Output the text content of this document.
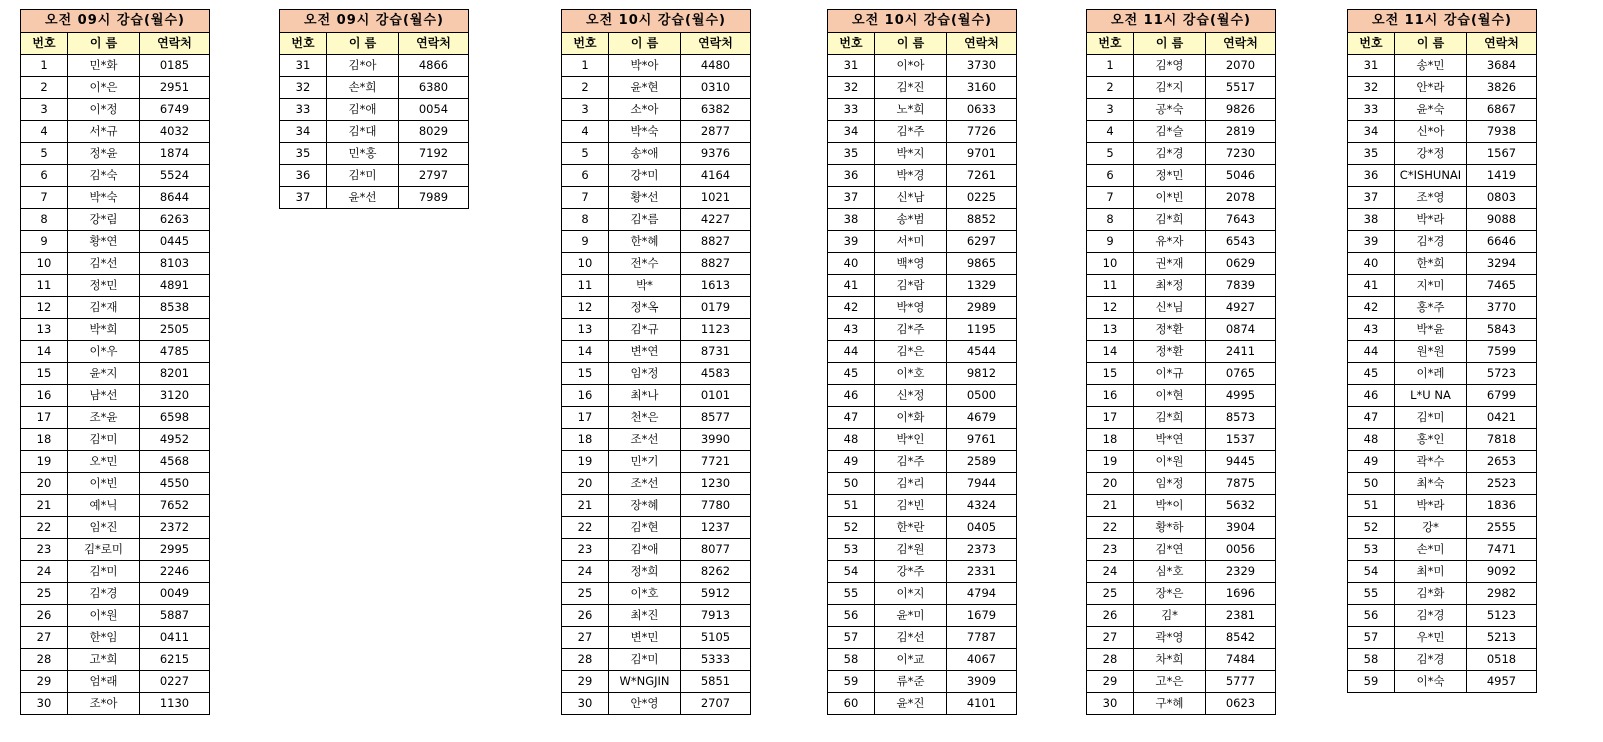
오전 09시 강습(월수)
번호	이 름	연락처
1	민*화	0185
2	이*은	2951
3	이*정	6749
4	서*규	4032
5	정*윤	1874
6	김*숙	5524
7	박*숙	8644
8	강*림	6263
9	황*연	0445
10	김*선	8103
11	정*민	4891
12	김*재	8538
13	박*희	2505
14	이*우	4785
15	윤*지	8201
16	남*선	3120
17	조*윤	6598
18	김*미	4952
19	오*민	4568
20	이*빈	4550
21	예*닉	7652
22	임*진	2372
23	김*로미	2995
24	김*미	2246
25	김*경	0049
26	이*원	5887
27	한*임	0411
28	고*희	6215
29	엄*래	0227
30	조*아	1130
오전 09시 강습(월수)
번호	이 름	연락처
31	김*아	4866
32	손*희	6380
33	김*애	0054
34	김*대	8029
35	민*홍	7192
36	김*미	2797
37	윤*선	7989
오전 10시 강습(월수)
번호	이 름	연락처
1	박*아	4480
2	윤*현	0310
3	소*아	6382
4	박*숙	2877
5	송*애	9376
6	강*미	4164
7	황*선	1021
8	김*름	4227
9	한*혜	8827
10	전*수	8827
11	박*	1613
12	정*옥	0179
13	김*규	1123
14	변*연	8731
15	임*정	4583
16	최*나	0101
17	천*은	8577
18	조*선	3990
19	민*기	7721
20	조*선	1230
21	장*혜	7780
22	김*현	1237
23	김*애	8077
24	정*희	8262
25	이*호	5912
26	최*진	7913
27	변*민	5105
28	김*미	5333
29	W*NGJIN	5851
30	안*영	2707
오전 10시 강습(월수)
번호	이 름	연락처
31	이*아	3730
32	김*진	3160
33	노*희	0633
34	김*주	7726
35	박*지	9701
36	박*경	7261
37	신*남	0225
38	송*범	8852
39	서*미	6297
40	백*영	9865
41	김*람	1329
42	박*영	2989
43	김*주	1195
44	김*은	4544
45	이*호	9812
46	신*정	0500
47	이*화	4679
48	박*인	9761
49	김*주	2589
50	김*리	7944
51	김*빈	4324
52	한*란	0405
53	김*원	2373
54	강*주	2331
55	이*지	4794
56	윤*미	1679
57	김*선	7787
58	이*교	4067
59	류*준	3909
60	윤*진	4101
오전 11시 강습(월수)
번호	이 름	연락처
1	김*영	2070
2	김*지	5517
3	공*숙	9826
4	김*슬	2819
5	김*경	7230
6	정*민	5046
7	이*빈	2078
8	김*희	7643
9	유*자	6543
10	권*재	0629
11	최*정	7839
12	신*님	4927
13	정*환	0874
14	정*환	2411
15	이*규	0765
16	이*현	4995
17	김*희	8573
18	박*연	1537
19	이*원	9445
20	임*정	7875
21	박*이	5632
22	황*하	3904
23	김*연	0056
24	심*호	2329
25	장*은	1696
26	김*	2381
27	곽*영	8542
28	차*희	7484
29	고*은	5777
30	구*혜	0623
오전 11시 강습(월수)
번호	이 름	연락처
31	송*민	3684
32	안*라	3826
33	윤*숙	6867
34	신*아	7938
35	강*정	1567
36	C*ISHUNAI	1419
37	조*영	0803
38	박*라	9088
39	김*경	6646
40	한*희	3294
41	지*미	7465
42	홍*주	3770
43	박*윤	5843
44	원*원	7599
45	이*레	5723
46	L*U NA	6799
47	김*미	0421
48	홍*인	7818
49	곽*수	2653
50	최*숙	2523
51	박*라	1836
52	강*	2555
53	손*미	7471
54	최*미	9092
55	김*화	2982
56	김*경	5123
57	우*민	5213
58	김*경	0518
59	이*숙	4957
